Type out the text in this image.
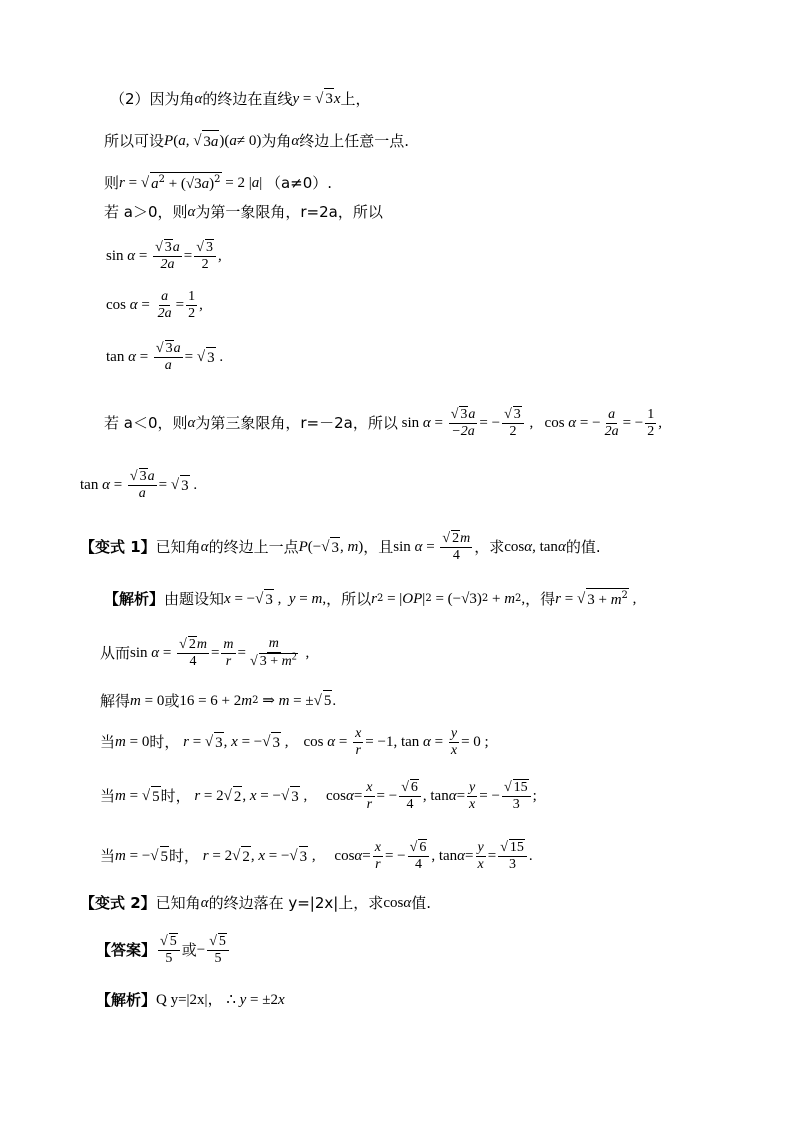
（2）因为角 α 的终边在直线 y = √ 3 x 上，
所以可设 P ( a , √ 3a )( a ≠ 0) 为角 α 终边上任意一点.
则 r = √ $a^2 + (√3a)^2 = 2$ | a | （a≠0）.
若 a＞0，则 α 为第一象限角，r=2a，所以
$\sin \alpha = \frac{√ 3a}{2a} = \frac{√ 3}{2}$ ,
$\cos \alpha = \frac{a}{2a} = \frac{1}{2}$ ,
$\tan \alpha = \frac{√ 3a}{a}$ = √ 3 .
若 a＜0，则 α 为第三象限角，r=－2a，所以 $\sin \alpha = \frac{√ 3a}{-2a}$ = − $\frac{√ 3}{2}$ ,   cos α = − $\frac{a}{2a}$ = − $\frac{1}{2}$ ,
$\tan \alpha = \frac{√ 3a}{a}$ = √ 3 .
【变式 1】 已知角 α 的终边上一点 P (−√ 3 , m ) ，且 $\sin \alpha = \frac{√ 2m}{4}$ ，求 cos α , tan α 的值.
【解析】 由题设知 x = −√ 3 , y = m , ，所以 r 2 = | OP | 2 = (−√3) 2 + m 2 , ，得 r = √ $3 + m^2$ ,
从而 $\sin \alpha = \frac{√ 2m}{4} = \frac{m}{r} = \frac{m}{√ 3 + m^2}$ ,
解得 m = 0 或 16 = 6 + 2 m 2 ⇒ m = ±√ 5 .
当 m = 0 时， r = √ 3 , x = −√ 3 ,    $\cos \alpha = \frac{x}{r} = -1$, $\tan \alpha = \frac{y}{x} = 0$ ;
当 m = √ 5 时， r = 2√ 2 , x = −√ 3 ,     $\cos \alpha = \frac{x}{r}$ = − $\frac{√ 6}{4}$ , $\tan \alpha = \frac{y}{x}$ = − $\frac{√ 15}{3}$ ;
当 m = −√ 5 时， r = 2√ 2 , x = −√ 3 ,     $\cos \alpha = \frac{x}{r}$ = − $\frac{√ 6}{4}$ , $\tan \alpha = \frac{y}{x} = \frac{√ 15}{3}$ .
【变式 2】 已知角 α 的终边落在 y=|2x|上，求 cos α 值.
【答案】 $\frac{√ 5}{5}$ 或 − $\frac{√ 5}{5}$
【解析】 Q y=|2x|， ∴ y = ±2 x
